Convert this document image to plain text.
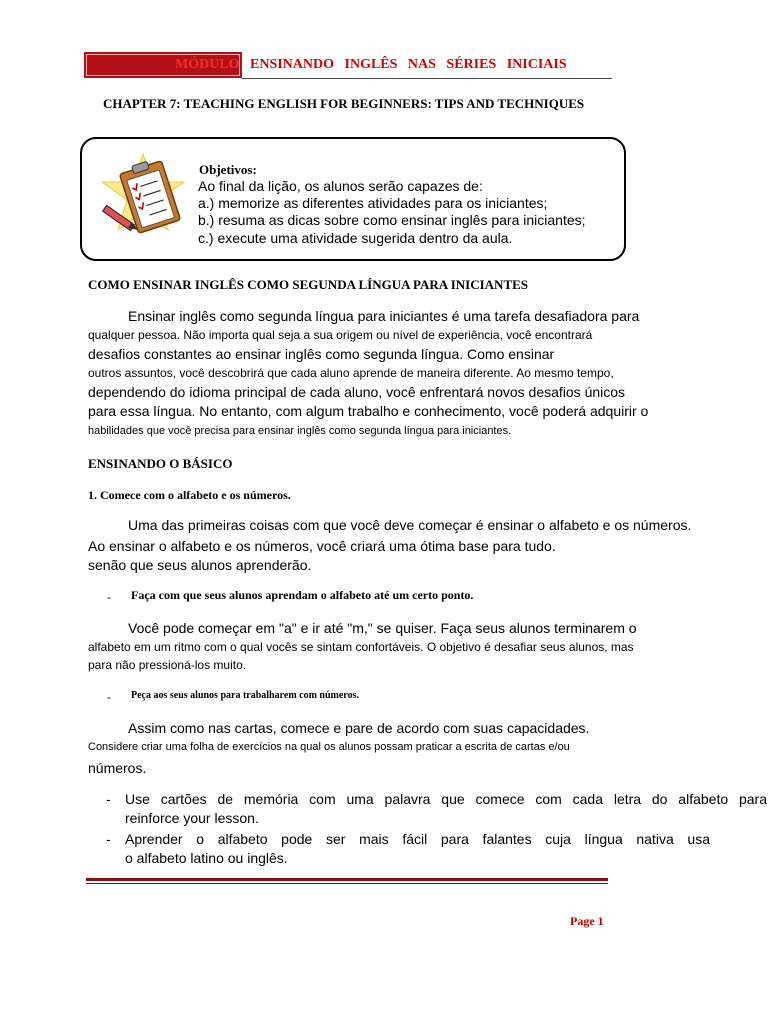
MÓDULO ENSINANDO INGLÊS NAS SÉRIES INICIAIS
CHAPTER 7: TEACHING ENGLISH FOR BEGINNERS: TIPS AND TECHNIQUES
Objetivos:
Ao final da lição, os alunos serão capazes de:
a.) memorize as diferentes atividades para os iniciantes;
b.) resuma as dicas sobre como ensinar inglês para iniciantes;
c.) execute uma atividade sugerida dentro da aula.
COMO ENSINAR INGLÊS COMO SEGUNDA LÍNGUA PARA INICIANTES
Ensinar inglês como segunda língua para iniciantes é uma tarefa desafiadora para
qualquer pessoa. Não importa qual seja a sua origem ou nível de experiência, você encontrará
desafios constantes ao ensinar inglês como segunda língua. Como ensinar
outros assuntos, você descobrirá que cada aluno aprende de maneira diferente. Ao mesmo tempo,
dependendo do idioma principal de cada aluno, você enfrentará novos desafios únicos
para essa língua. No entanto, com algum trabalho e conhecimento, você poderá adquirir o
habilidades que você precisa para ensinar inglês como segunda língua para iniciantes.
ENSINANDO O BÁSICO
1. Comece com o alfabeto e os números.
Uma das primeiras coisas com que você deve começar é ensinar o alfabeto e os números.
Ao ensinar o alfabeto e os números, você criará uma ótima base para tudo.
senão que seus alunos aprenderão.
- Faça com que seus alunos aprendam o alfabeto até um certo ponto.
Você pode começar em "a" e ir até "m," se quiser. Faça seus alunos terminarem o
alfabeto em um ritmo com o qual vocês se sintam confortáveis. O objetivo é desafiar seus alunos, mas
para não pressioná-los muito.
- Peça aos seus alunos para trabalharem com números.
Assim como nas cartas, comece e pare de acordo com suas capacidades.
Considere criar uma folha de exercícios na qual os alunos possam praticar a escrita de cartas e/ou
números.
- Use cartões de memória com uma palavra que comece com cada letra do alfabeto para
reinforce your lesson.
- Aprender o alfabeto pode ser mais fácil para falantes cuja língua nativa usa
o alfabeto latino ou inglês.
Page 1
